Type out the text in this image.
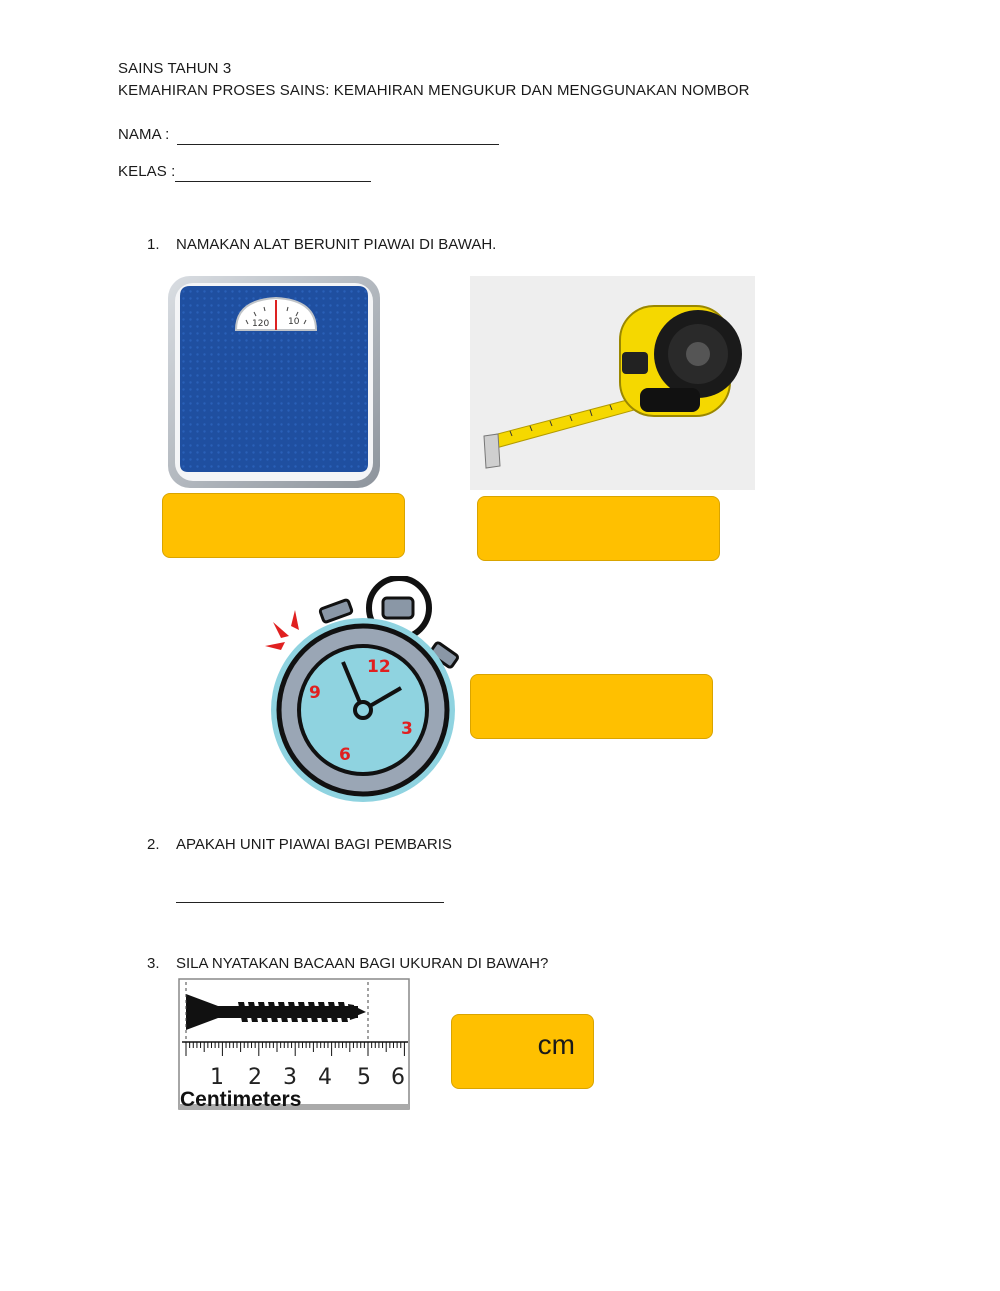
SAINS TAHUN 3
KEMAHIRAN PROSES SAINS: KEMAHIRAN MENGUKUR DAN MENGGUNAKAN NOMBOR
NAMA :
KELAS :
1. NAMAKAN ALAT BERUNIT PIAWAI DI BAWAH.
120 10
12
3
6
9
2. APAKAH UNIT PIAWAI BAGI PEMBARIS
3. SILA NYATAKAN BACAAN BAGI UKURAN DI BAWAH?
1 2 3 4 5 6
Centimeters
cm
